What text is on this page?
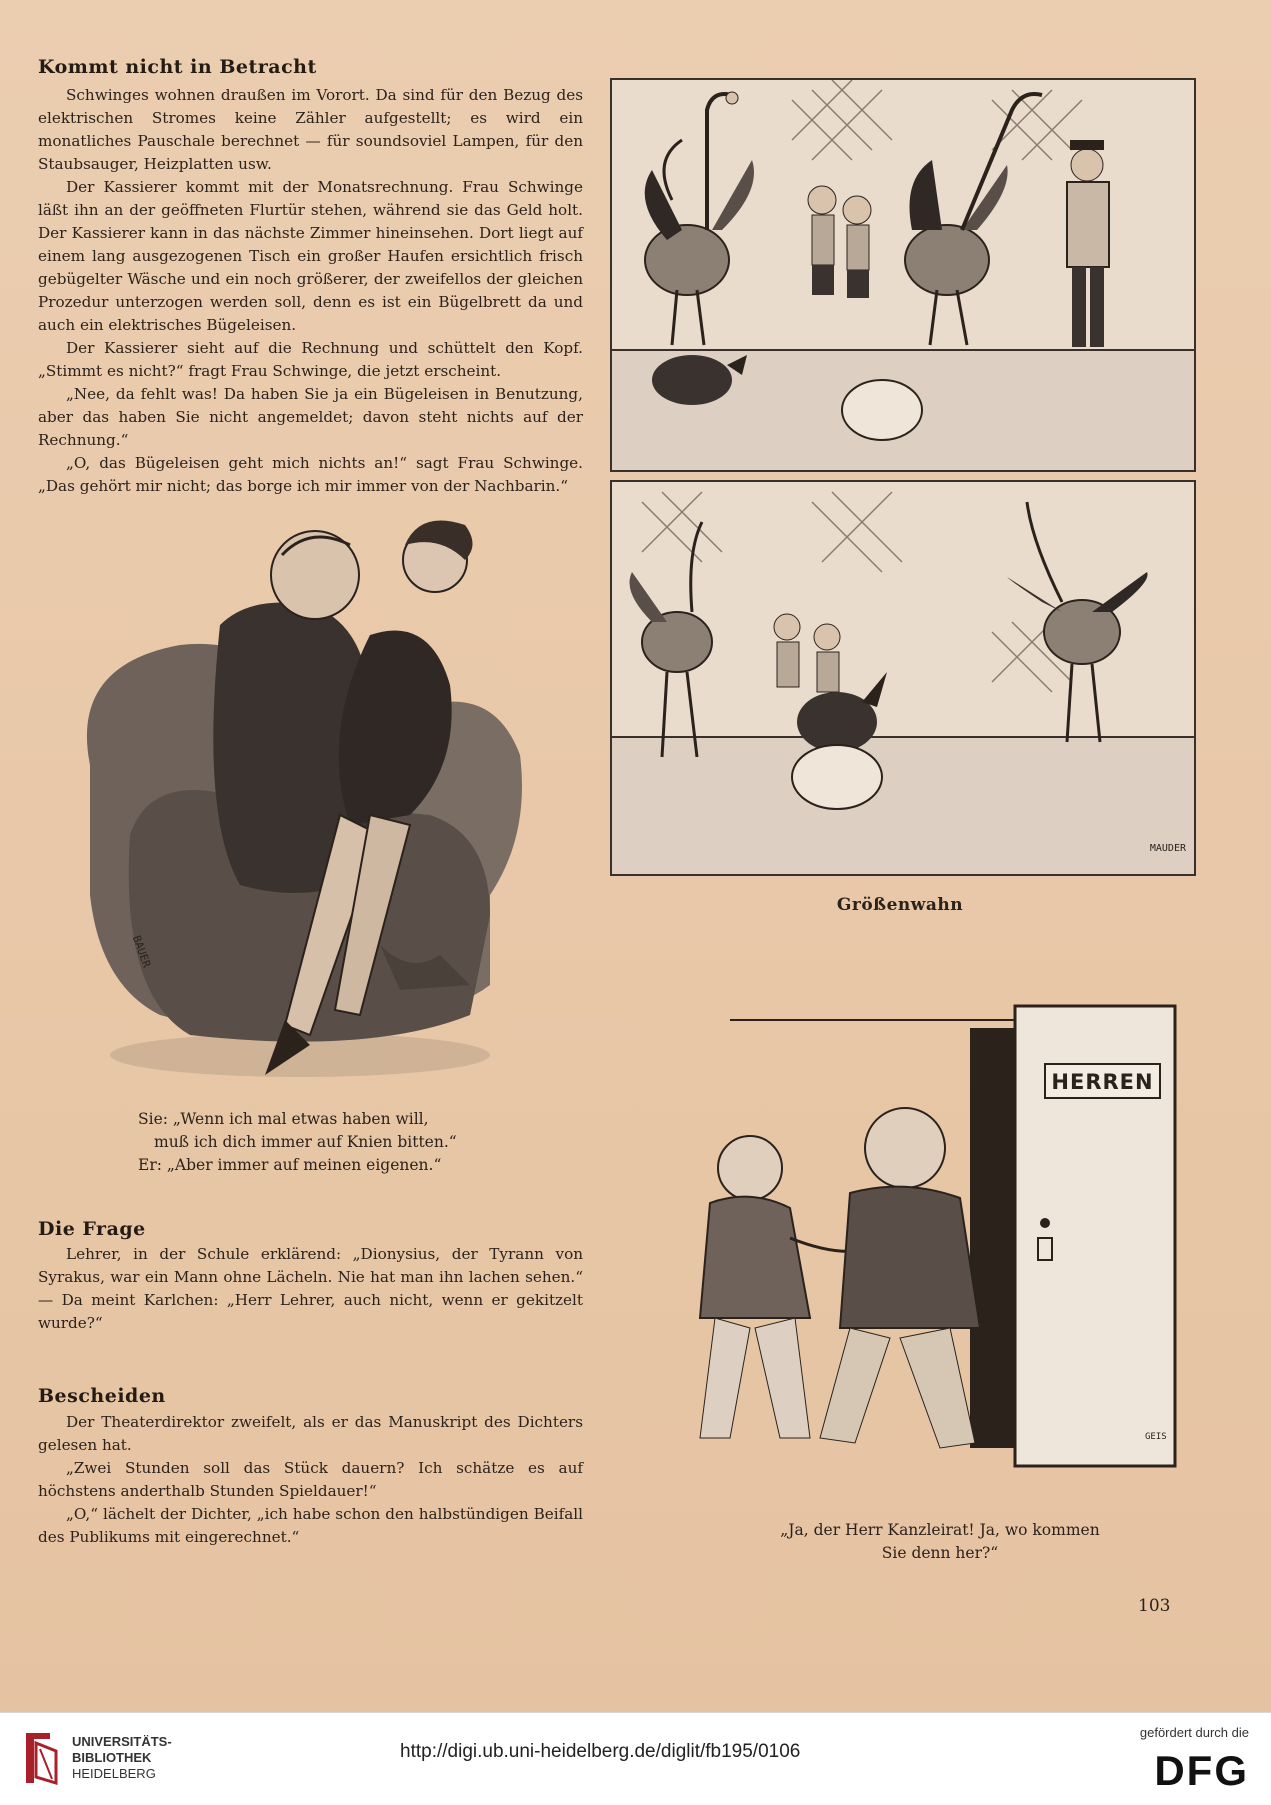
Kommt nicht in Betracht

Schwinges wohnen draußen im Vorort. Da sind für den Bezug des elektrischen Stromes keine Zähler aufgestellt; es wird ein monatliches Pauschale berechnet — für soundsoviel Lampen, für den Staubsauger, Heizplatten usw.

Der Kassierer kommt mit der Monatsrechnung. Frau Schwinge läßt ihn an der geöffneten Flurtür stehen, während sie das Geld holt. Der Kassierer kann in das nächste Zimmer hineinsehen. Dort liegt auf einem lang ausgezogenen Tisch ein großer Haufen ersichtlich frisch gebügelter Wäsche und ein noch größerer, der zweifellos der gleichen Prozedur unterzogen werden soll, denn es ist ein Bügelbrett da und auch ein elektrisches Bügeleisen.

Der Kassierer sieht auf die Rechnung und schüttelt den Kopf. „Stimmt es nicht?“ fragt Frau Schwinge, die jetzt erscheint.

„Nee, da fehlt was! Da haben Sie ja ein Bügeleisen in Benutzung, aber das haben Sie nicht angemeldet; davon steht nichts auf der Rechnung.“

„O, das Bügeleisen geht mich nichts an!“ sagt Frau Schwinge. „Das gehört mir nicht; das borge ich mir immer von der Nachbarin.“

BAUER
Sie: „Wenn ich mal etwas haben will,
muß ich dich immer auf Knien bitten.“
Er: „Aber immer auf meinen eigenen.“
MAUDER
Größenwahn
Die Frage

Lehrer, in der Schule erklärend: „Dionysius, der Tyrann von Syrakus, war ein Mann ohne Lächeln. Nie hat man ihn lachen sehen.“ — Da meint Karlchen: „Herr Lehrer, auch nicht, wenn er gekitzelt wurde?“

Bescheiden

Der Theaterdirektor zweifelt, als er das Manuskript des Dichters gelesen hat.

„Zwei Stunden soll das Stück dauern? Ich schätze es auf höchstens anderthalb Stunden Spieldauer!“

„O,“ lächelt der Dichter, „ich habe schon den halbstündigen Beifall des Publikums mit eingerechnet.“

HERREN
GEIS
„Ja, der Herr Kanzleirat! Ja, wo kommen
Sie denn her?“
103
UNIVERSITÄTS-
BIBLIOTHEK
HEIDELBERG
http://digi.ub.uni-heidelberg.de/diglit/fb195/0106
gefördert durch die
DFG
